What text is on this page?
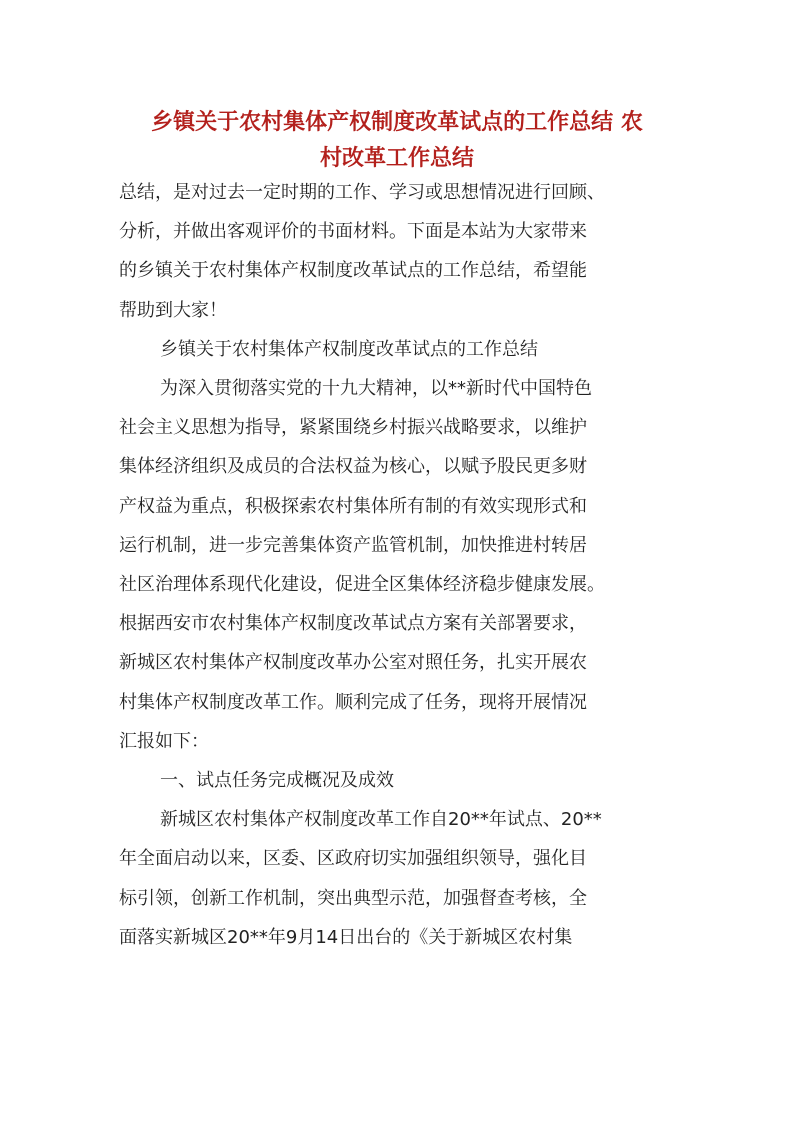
乡镇关于农村集体产权制度改革试点的工作总结 农
村改革工作总结
总结，是对过去一定时期的工作、学习或思想情况进行回顾、
分析，并做出客观评价的书面材料。下面是本站为大家带来
的乡镇关于农村集体产权制度改革试点的工作总结，希望能
帮助到大家！
乡镇关于农村集体产权制度改革试点的工作总结
为深入贯彻落实党的十九大精神，以**新时代中国特色
社会主义思想为指导，紧紧围绕乡村振兴战略要求，以维护
集体经济组织及成员的合法权益为核心，以赋予股民更多财
产权益为重点，积极探索农村集体所有制的有效实现形式和
运行机制，进一步完善集体资产监管机制，加快推进村转居
社区治理体系现代化建设，促进全区集体经济稳步健康发展。
根据西安市农村集体产权制度改革试点方案有关部署要求，
新城区农村集体产权制度改革办公室对照任务，扎实开展农
村集体产权制度改革工作。顺利完成了任务，现将开展情况
汇报如下：
一、试点任务完成概况及成效
新城区农村集体产权制度改革工作自20**年试点、20**
年全面启动以来，区委、区政府切实加强组织领导，强化目
标引领，创新工作机制，突出典型示范，加强督查考核，全
面落实新城区20**年9月14日出台的《关于新城区农村集
